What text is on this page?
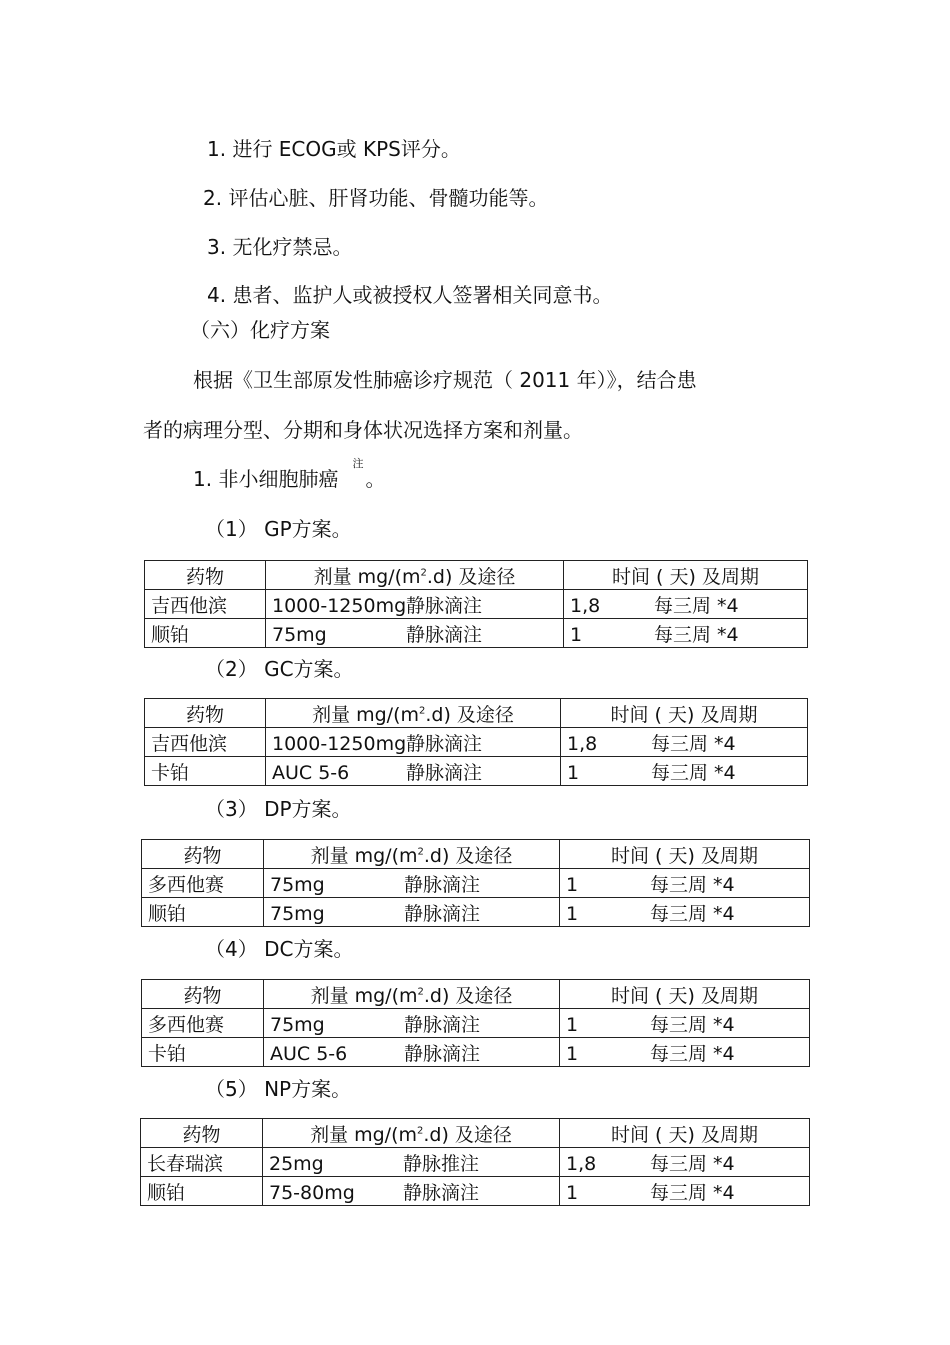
1. 进行 ECOG或 KPS评分。
2. 评估心脏、肝肾功能、骨髓功能等。
3. 无化疗禁忌。
4. 患者、监护人或被授权人签署相关同意书。
（六）化疗方案
根据《卫生部原发性肺癌诊疗规范（ 2011 年）》，结合患
者的病理分型、分期和身体状况选择方案和剂量。
1. 非小细胞肺癌$^注$。
（1） GP方案。
药物	剂量 $mg/(m^2.d)$ 及途径	时间 ( 天) 及周期
吉西他滨	1000-1250mg静脉滴注	1,8 每三周 *4
顺铂	75mg 静脉滴注	1 每三周 *4
（2） GC方案。
药物	剂量 $mg/(m^2.d)$ 及途径	时间 ( 天) 及周期
吉西他滨	1000-1250mg静脉滴注	1,8 每三周 *4
卡铂	AUC 5-6 静脉滴注	1 每三周 *4
（3） DP方案。
药物	剂量 $mg/(m^2.d)$ 及途径	时间 ( 天) 及周期
多西他赛	75mg 静脉滴注	1 每三周 *4
顺铂	75mg 静脉滴注	1 每三周 *4
（4） DC方案。
药物	剂量 $mg/(m^2.d)$ 及途径	时间 ( 天) 及周期
多西他赛	75mg 静脉滴注	1 每三周 *4
卡铂	AUC 5-6 静脉滴注	1 每三周 *4
（5） NP方案。
药物	剂量 $mg/(m^2.d)$ 及途径	时间 ( 天) 及周期
长春瑞滨	25mg 静脉推注	1,8 每三周 *4
顺铂	75-80mg 静脉滴注	1 每三周 *4
